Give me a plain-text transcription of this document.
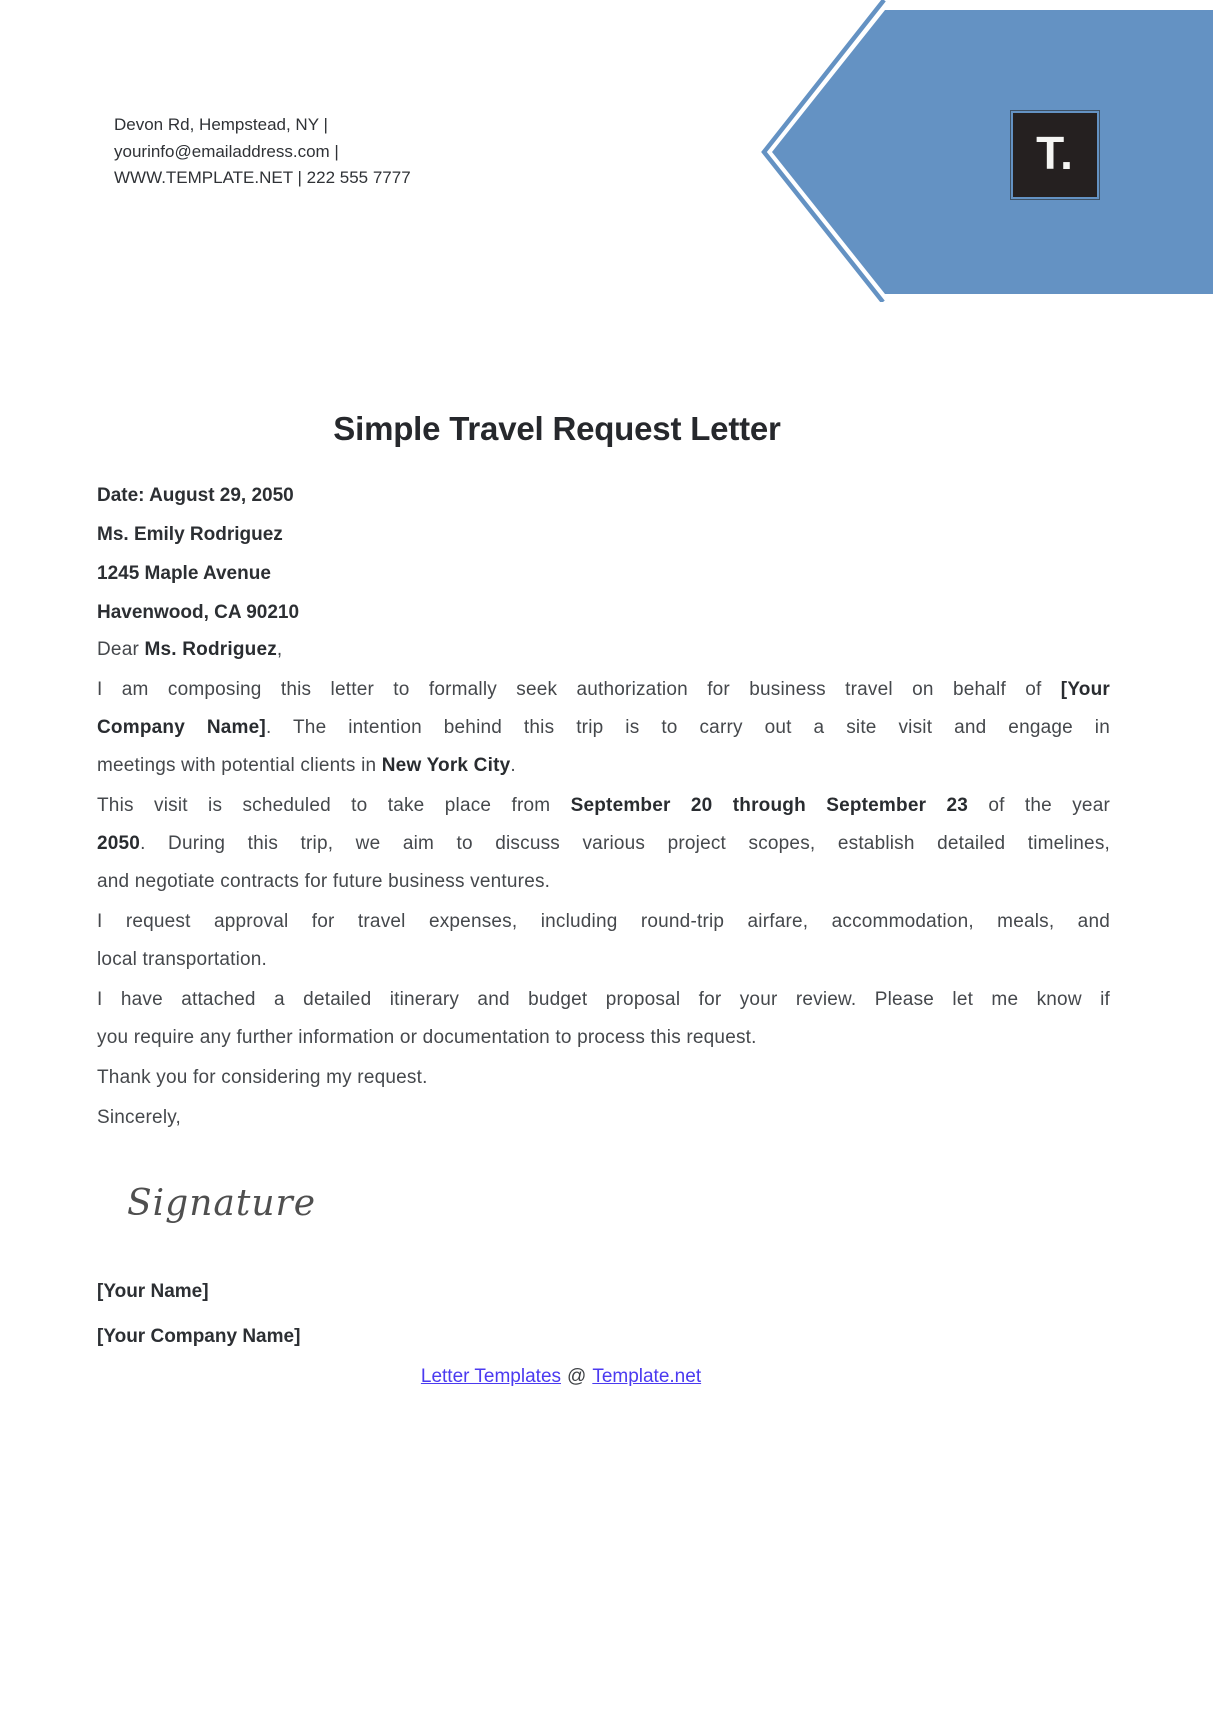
Devon Rd, Hempstead, NY |
yourinfo@emailaddress.com |
WWW.TEMPLATE.NET | 222 555 7777	T.
Simple Travel Request Letter
Date: August 29, 2050
Ms. Emily Rodriguez
1245 Maple Avenue
Havenwood, CA 90210
Dear Ms. Rodriguez,
I am composing this letter to formally seek authorization for business travel on behalf of [Your
Company Name]. The intention behind this trip is to carry out a site visit and engage in
meetings with potential clients in New York City.
This visit is scheduled to take place from September 20 through September 23 of the year
2050. During this trip, we aim to discuss various project scopes, establish detailed timelines,
and negotiate contracts for future business ventures.
I request approval for travel expenses, including round-trip airfare, accommodation, meals, and
local transportation.
I have attached a detailed itinerary and budget proposal for your review. Please let me know if
you require any further information or documentation to process this request.
Thank you for considering my request.
Sincerely,
Signature
[Your Name]
[Your Company Name]
Letter Templates @ Template.net
